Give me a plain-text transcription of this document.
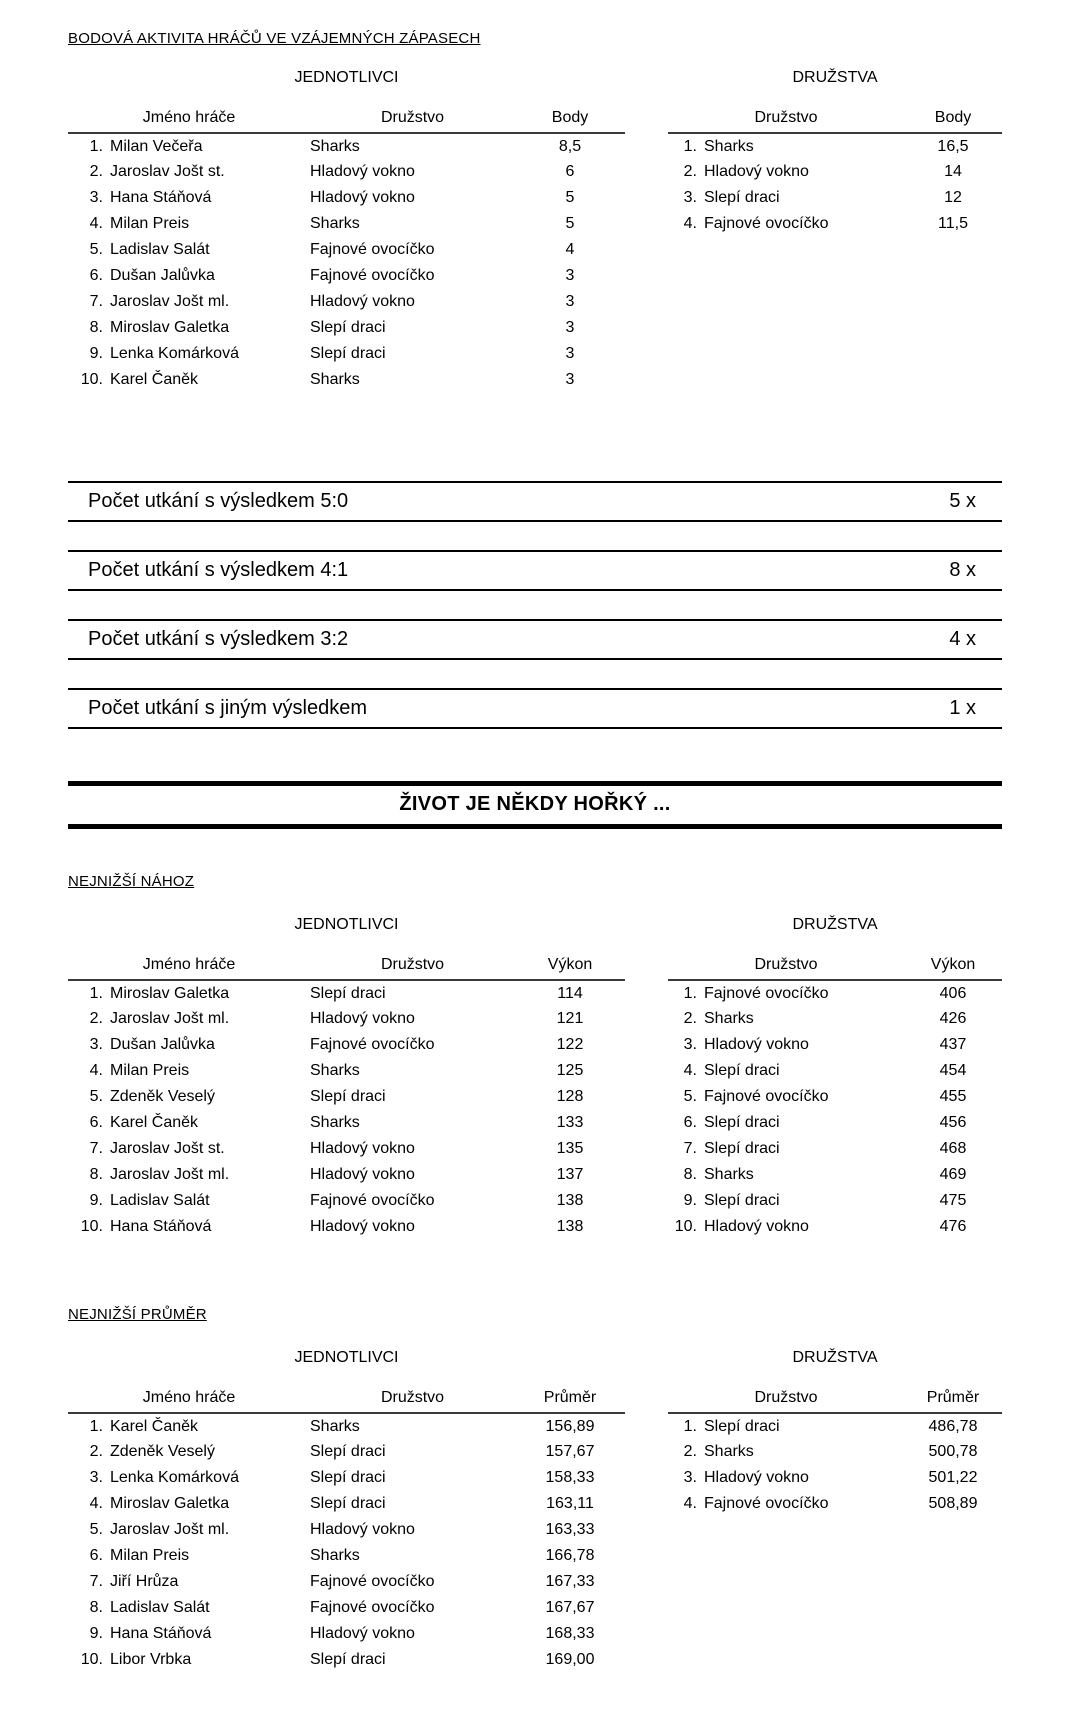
BODOVÁ AKTIVITA HRÁČŮ VE VZÁJEMNÝCH ZÁPASECH
JEDNOTLIVCI
Jméno hráče		Družstvo	Body
1.	Milan Večeřa	Sharks	8,5
2.	Jaroslav Jošt st.	Hladový vokno	6
3.	Hana Stáňová	Hladový vokno	5
4.	Milan Preis	Sharks	5
5.	Ladislav Salát	Fajnové ovocíčko	4
6.	Dušan Jalůvka	Fajnové ovocíčko	3
7.	Jaroslav Jošt ml.	Hladový vokno	3
8.	Miroslav Galetka	Slepí draci	3
9.	Lenka Komárková	Slepí draci	3
10.	Karel Čaněk	Sharks	3
DRUŽSTVA
Družstvo		Body
1.	Sharks	16,5
2.	Hladový vokno	14
3.	Slepí draci	12
4.	Fajnové ovocíčko	11,5
Počet utkání s výsledkem 5:0	5 x
Počet utkání s výsledkem 4:1	8 x
Počet utkání s výsledkem 3:2	4 x
Počet utkání s jiným výsledkem	1 x
ŽIVOT JE NĚKDY HOŘKÝ ...
NEJNIŽŠÍ NÁHOZ
JEDNOTLIVCI
Jméno hráče		Družstvo	Výkon
1.	Miroslav Galetka	Slepí draci	114
2.	Jaroslav Jošt ml.	Hladový vokno	121
3.	Dušan Jalůvka	Fajnové ovocíčko	122
4.	Milan Preis	Sharks	125
5.	Zdeněk Veselý	Slepí draci	128
6.	Karel Čaněk	Sharks	133
7.	Jaroslav Jošt st.	Hladový vokno	135
8.	Jaroslav Jošt ml.	Hladový vokno	137
9.	Ladislav Salát	Fajnové ovocíčko	138
10.	Hana Stáňová	Hladový vokno	138
DRUŽSTVA
Družstvo		Výkon
1.	Fajnové ovocíčko	406
2.	Sharks	426
3.	Hladový vokno	437
4.	Slepí draci	454
5.	Fajnové ovocíčko	455
6.	Slepí draci	456
7.	Slepí draci	468
8.	Sharks	469
9.	Slepí draci	475
10.	Hladový vokno	476
NEJNIŽŠÍ PRŮMĚR
JEDNOTLIVCI
Jméno hráče		Družstvo	Průměr
1.	Karel Čaněk	Sharks	156,89
2.	Zdeněk Veselý	Slepí draci	157,67
3.	Lenka Komárková	Slepí draci	158,33
4.	Miroslav Galetka	Slepí draci	163,11
5.	Jaroslav Jošt ml.	Hladový vokno	163,33
6.	Milan Preis	Sharks	166,78
7.	Jiří Hrůza	Fajnové ovocíčko	167,33
8.	Ladislav Salát	Fajnové ovocíčko	167,67
9.	Hana Stáňová	Hladový vokno	168,33
10.	Libor Vrbka	Slepí draci	169,00
DRUŽSTVA
Družstvo		Průměr
1.	Slepí draci	486,78
2.	Sharks	500,78
3.	Hladový vokno	501,22
4.	Fajnové ovocíčko	508,89
